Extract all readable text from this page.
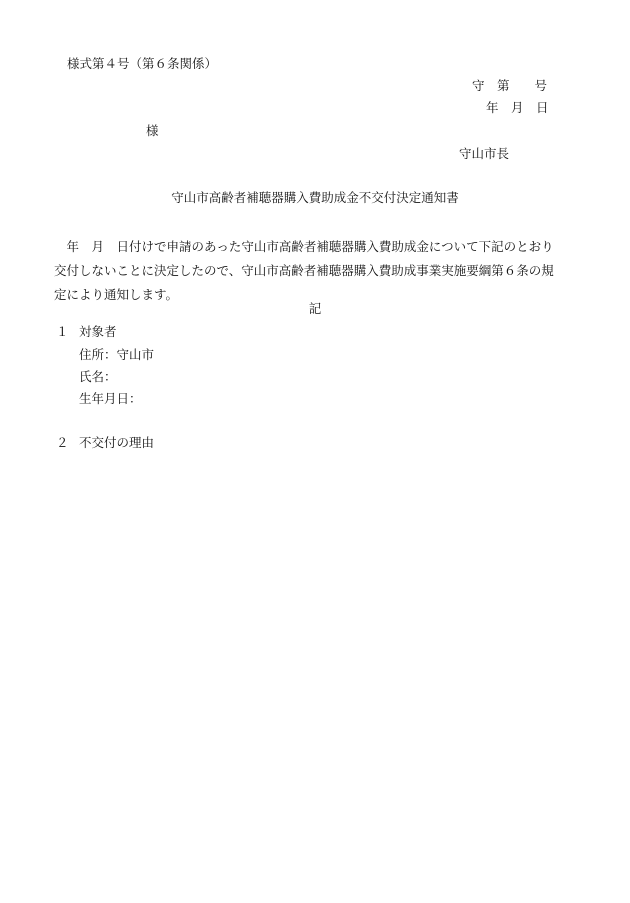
様式第４号（第６条関係）
守　第　　号
年　月　日
様
守山市長
守山市高齢者補聴器購入費助成金不交付決定通知書
　年　月　日付けで申請のあった守山市高齢者補聴器購入費助成金について下記のとおり
交付しないことに決定したので、守山市高齢者補聴器購入費助成事業実施要綱第６条の規
定により通知します。
記
１ 対象者
住所：守山市
氏名：
生年月日：
２ 不交付の理由
